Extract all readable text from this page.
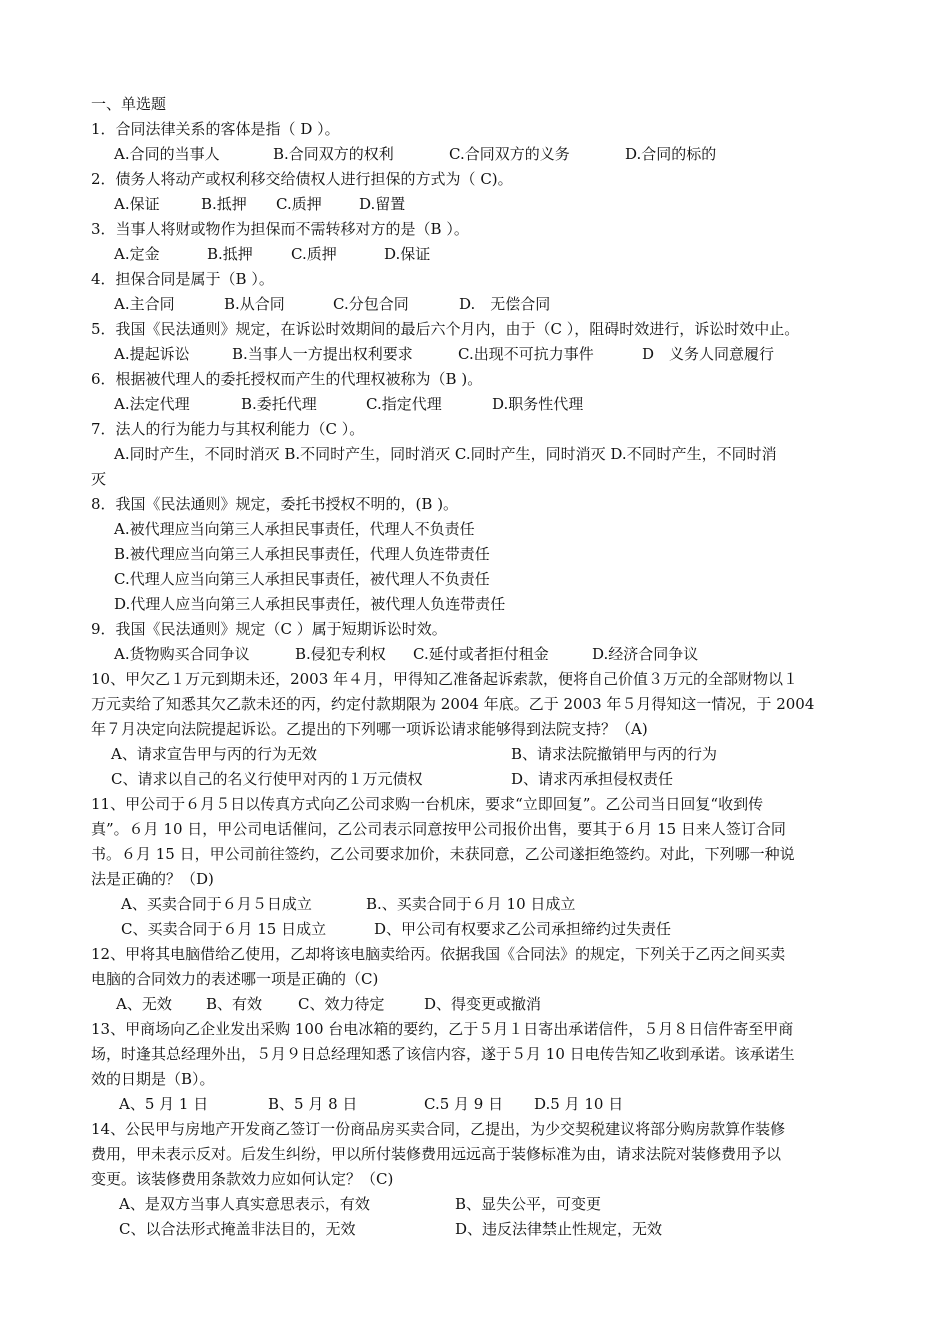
一、单选题
1．合同法律关系的客体是指（ D ）。
A.合同的当事人	B.合同双方的权利	C.合同双方的义务	D.合同的标的
2．债务人将动产或权利移交给债权人进行担保的方式为（ C)。
A.保证	B.抵押 C.质押 D.留置
3．当事人将财或物作为担保而不需转移对方的是（B ）。
A.定金	B.抵押	C.质押	D.保证
4．担保合同是属于（B ）。
A.主合同	B.从合同	C.分包合同	D.　无偿合同
5．我国《民法通则》规定，在诉讼时效期间的最后六个月内，由于（C ），阻碍时效进行，诉讼时效中止。
A.提起诉讼	B.当事人一方提出权利要求	C.出现不可抗力事件	D　义务人同意履行
6．根据被代理人的委托授权而产生的代理权被称为（B )。
A.法定代理	B.委托代理	C.指定代理	D.职务性代理
7．法人的行为能力与其权利能力（C ）。
A.同时产生，不同时消灭 B.不同时产生，同时消灭 C.同时产生，同时消灭 D.不同时产生，不同时消
灭
8．我国《民法通则》规定，委托书授权不明的，(B )。
A.被代理应当向第三人承担民事责任，代理人不负责任
B.被代理应当向第三人承担民事责任，代理人负连带责任
C.代理人应当向第三人承担民事责任，被代理人不负责任
D.代理人应当向第三人承担民事责任，被代理人负连带责任
9．我国《民法通则》规定（C ）属于短期诉讼时效。
A.货物购买合同争议	B.侵犯专利权 C.延付或者拒付租金	D.经济合同争议
10、甲欠乙１万元到期未还，2003 年４月，甲得知乙准备起诉索款，便将自己价值３万元的全部财物以１
万元卖给了知悉其欠乙款未还的丙，约定付款期限为 2004 年底。乙于 2003 年５月得知这一情况，于 2004
年７月决定向法院提起诉讼。乙提出的下列哪一项诉讼请求能够得到法院支持？（A)
A、请求宣告甲与丙的行为无效	B、请求法院撤销甲与丙的行为
C、请求以自己的名义行使甲对丙的１万元债权	D、请求丙承担侵权责任
11、甲公司于６月５日以传真方式向乙公司求购一台机床，要求“立即回复”。乙公司当日回复“收到传
真”。６月 10 日，甲公司电话催问，乙公司表示同意按甲公司报价出售，要其于６月 15 日来人签订合同
书。６月 15 日，甲公司前往签约，乙公司要求加价，未获同意，乙公司遂拒绝签约。对此，下列哪一种说
法是正确的？（D)
A、买卖合同于６月５日成立	B.、买卖合同于６月 10 日成立
C、买卖合同于６月 15 日成立	D、甲公司有权要求乙公司承担缔约过失责任
12、甲将其电脑借给乙使用，乙却将该电脑卖给丙。依据我国《合同法》的规定，下列关于乙丙之间买卖
电脑的合同效力的表述哪一项是正确的（C)
A、无效 B、有效 C、效力待定	D、得变更或撤消
13、甲商场向乙企业发出采购 100 台电冰箱的要约，乙于５月１日寄出承诺信件，５月８日信件寄至甲商
场，时逢其总经理外出，５月９日总经理知悉了该信内容，遂于５月 10 日电传告知乙收到承诺。该承诺生
效的日期是（B）。
A、5 月 1 日	B、5 月 8 日	C.5 月 9 日 D.5 月 10 日
14、公民甲与房地产开发商乙签订一份商品房买卖合同，乙提出，为少交契税建议将部分购房款算作装修
费用，甲未表示反对。后发生纠纷，甲以所付装修费用远远高于装修标准为由，请求法院对装修费用予以
变更。该装修费用条款效力应如何认定？（C)
A、是双方当事人真实意思表示，有效	B、显失公平，可变更
C、以合法形式掩盖非法目的，无效	D、违反法律禁止性规定，无效
